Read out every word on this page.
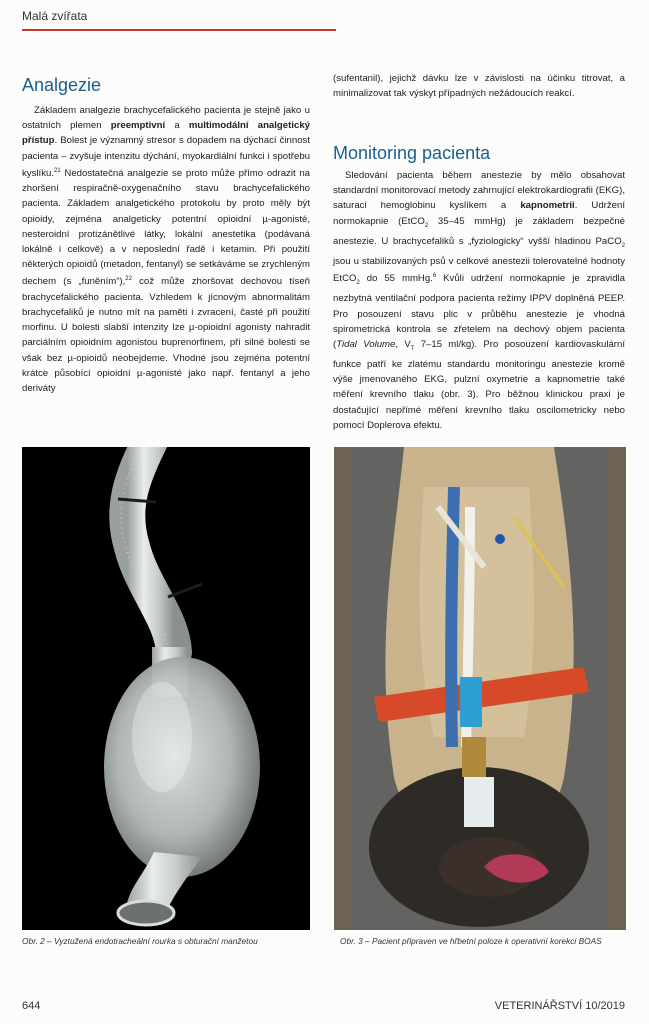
Malá zvířata
Analgezie

Základem analgezie brachycefalického pacienta je stejně jako u ostatních plemen preemptivní a multimodální analgetický přístup. Bolest je významný stresor s dopadem na dýchací činnost pacienta – zvyšuje intenzitu dýchání, myokardiální funkci i spotřebu kyslíku.$^{21}$ Nedostatečná analgezie se proto může přímo odrazit na zhoršení respiračně-oxygenačního stavu brachycefalického pacienta. Základem analgetického protokolu by proto měly být opioidy, zejména analgeticky potentní opioidní µ-agonisté, nesteroidní protizánětlivé látky, lokální anestetika (podávaná lokálně i celkově) a v neposlední řadě i ketamin. Při použití některých opioidů (metadon, fentanyl) se setkáváme se zrychleným dechem (s „funěním“),$^{22}$ což může zhoršovat dechovou tíseň brachycefalického pacienta. Vzhledem k jícnovým abnormalitám brachycefaliků je nutno mít na paměti i zvracení, časté při použití morfinu. U bolesti slabší intenzity lze µ-opioidní agonisty nahradit parciálním opioidním agonistou buprenorfinem, při silné bolesti se však bez µ-opioidů neobejdeme. Vhodné jsou zejména potentní krátce působící opioidní µ-agonisté jako např. fentanyl a jeho deriváty

(sufentanil), jejichž dávku lze v závislosti na účinku titrovat, a minimalizovat tak výskyt případných nežádoucích reakcí.

Monitoring pacienta

Sledování pacienta během anestezie by mělo obsahovat standardní monitorovací metody zahrnující elektrokardiografii (EKG), saturaci hemoglobinu kyslíkem a kapnometrii. Udržení normokapnie (EtCO$_2$ 35–45 mmHg) je základem bezpečné anestezie. U brachycefaliků s „fyziologicky“ vyšší hladinou PaCO$_2$ jsou u stabilizovaných psů v celkové anestezii tolerovatelné hodnoty EtCO$_2$ do 55 mmHg.$^6$ Kvůli udržení normokapnie je zpravidla nezbytná ventilační podpora pacienta režimy IPPV doplněná PEEP. Pro posouzení stavu plic v průběhu anestezie je vhodná spirometrická kontrola se zřetelem na dechový objem pacienta (Tidal Volume, $V_T$ 7–15 ml/kg). Pro posouzení kardiovaskulární funkce patří ke zlatému standardu monitoringu anestezie kromě výše jmenovaného EKG, pulzní oxymetrie a kapnometrie také měření krevního tlaku (obr. 3). Pro běžnou klinickou praxi je dostačující nepřímé měření krevního tlaku oscilometricky nebo pomocí Doplerova efektu.

Obr. 2 – Vyztužená endotracheální rourka s obturační manžetou	Obr. 3 – Pacient připraven ve hřbetní poloze k operativní korekci BOAS
644	VETERINÁŘSTVÍ 10/2019
